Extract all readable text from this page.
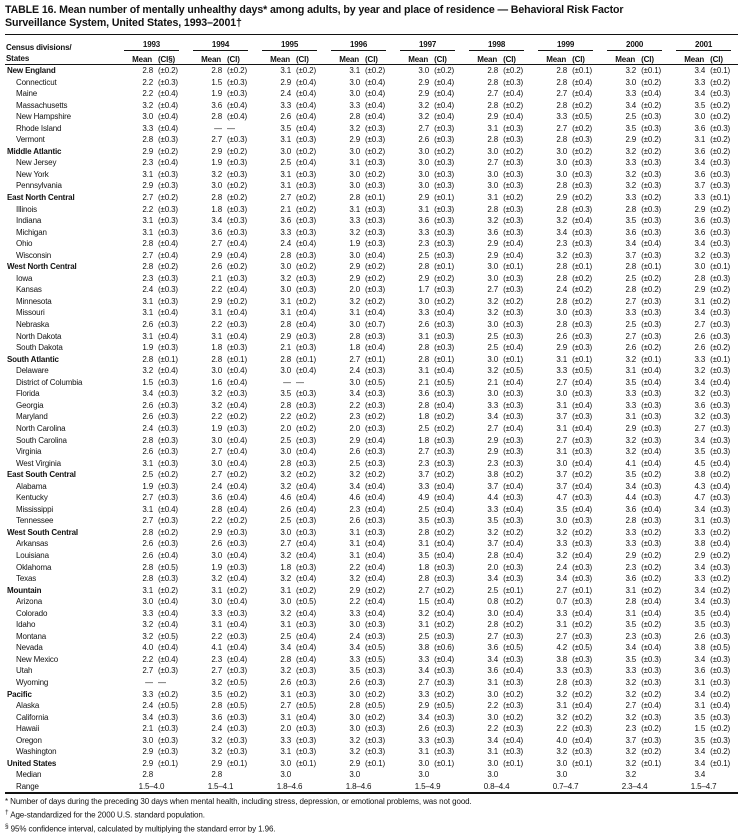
TABLE 16. Mean number of mentally unhealthy days* among adults, by year and place of residence — Behavioral Risk Factor
Surveillance System, United States, 1993–2001†
Census divisions/
States	1993		1994		1995		1996		1997		1998		1999		2000		2001	

	Mean	(CI§)	Mean	(CI)	Mean	(CI)	Mean	(CI)	Mean	(CI)	Mean	(CI)	Mean	(CI)	Mean	(CI)	Mean	(CI)
New England	2.8	(±0.2)	2.8	(±0.2)	3.1	(±0.2)	3.1	(±0.2)	3.0	(±0.2)	2.8	(±0.2)	2.8	(±0.1)	3.2	(±0.1)	3.4	(±0.1)
Connecticut	2.2	(±0.3)	1.5	(±0.3)	2.9	(±0.4)	3.0	(±0.4)	2.9	(±0.4)	2.8	(±0.3)	2.8	(±0.4)	3.0	(±0.2)	3.3	(±0.2)
Maine	2.2	(±0.4)	1.9	(±0.3)	2.4	(±0.4)	3.0	(±0.4)	2.9	(±0.4)	2.7	(±0.4)	2.7	(±0.4)	3.3	(±0.4)	3.4	(±0.3)
Massachusetts	3.2	(±0.4)	3.6	(±0.4)	3.3	(±0.4)	3.3	(±0.4)	3.2	(±0.4)	2.8	(±0.2)	2.8	(±0.2)	3.4	(±0.2)	3.5	(±0.2)
New Hampshire	3.0	(±0.4)	2.8	(±0.4)	2.6	(±0.4)	2.8	(±0.4)	3.2	(±0.4)	2.9	(±0.4)	3.3	(±0.5)	2.5	(±0.3)	3.0	(±0.2)
Rhode Island	3.3	(±0.4)	—	—	3.5	(±0.4)	3.2	(±0.3)	2.7	(±0.3)	3.1	(±0.3)	2.7	(±0.2)	3.5	(±0.3)	3.6	(±0.3)
Vermont	2.8	(±0.3)	2.7	(±0.3)	3.1	(±0.3)	2.9	(±0.3)	2.6	(±0.3)	2.8	(±0.3)	2.8	(±0.3)	2.9	(±0.2)	3.1	(±0.2)
Middle Atlantic	2.9	(±0.2)	2.9	(±0.2)	3.0	(±0.2)	3.0	(±0.2)	3.0	(±0.2)	3.0	(±0.2)	3.0	(±0.2)	3.2	(±0.2)	3.6	(±0.2)
New Jersey	2.3	(±0.4)	1.9	(±0.3)	2.5	(±0.4)	3.1	(±0.3)	3.0	(±0.3)	2.7	(±0.3)	3.0	(±0.3)	3.3	(±0.3)	3.4	(±0.3)
New York	3.1	(±0.3)	3.2	(±0.3)	3.1	(±0.3)	3.0	(±0.2)	3.0	(±0.3)	3.0	(±0.3)	3.0	(±0.3)	3.2	(±0.3)	3.6	(±0.3)
Pennsylvania	2.9	(±0.3)	3.0	(±0.2)	3.1	(±0.3)	3.0	(±0.3)	3.0	(±0.3)	3.0	(±0.3)	2.8	(±0.3)	3.2	(±0.3)	3.7	(±0.3)
East North Central	2.7	(±0.2)	2.8	(±0.2)	2.7	(±0.2)	2.8	(±0.1)	2.9	(±0.1)	3.1	(±0.2)	2.9	(±0.2)	3.3	(±0.2)	3.3	(±0.1)
Illinois	2.2	(±0.3)	1.8	(±0.3)	2.1	(±0.2)	3.1	(±0.3)	3.1	(±0.3)	2.8	(±0.3)	2.8	(±0.3)	2.8	(±0.3)	2.9	(±0.2)
Indiana	3.1	(±0.3)	3.4	(±0.3)	3.6	(±0.3)	3.3	(±0.3)	3.6	(±0.3)	3.2	(±0.3)	3.2	(±0.4)	3.5	(±0.3)	3.6	(±0.3)
Michigan	3.1	(±0.3)	3.6	(±0.3)	3.3	(±0.3)	3.2	(±0.3)	3.3	(±0.3)	3.6	(±0.3)	3.4	(±0.3)	3.6	(±0.3)	3.6	(±0.3)
Ohio	2.8	(±0.4)	2.7	(±0.4)	2.4	(±0.4)	1.9	(±0.3)	2.3	(±0.3)	2.9	(±0.4)	2.3	(±0.3)	3.4	(±0.4)	3.4	(±0.3)
Wisconsin	2.7	(±0.4)	2.9	(±0.4)	2.8	(±0.3)	3.0	(±0.4)	2.5	(±0.3)	2.9	(±0.4)	3.2	(±0.3)	3.7	(±0.3)	3.2	(±0.3)
West North Central	2.8	(±0.2)	2.6	(±0.2)	3.0	(±0.2)	2.9	(±0.2)	2.8	(±0.1)	3.0	(±0.1)	2.8	(±0.1)	2.8	(±0.1)	3.0	(±0.1)
Iowa	2.3	(±0.3)	2.1	(±0.3)	3.2	(±0.3)	2.9	(±0.2)	2.9	(±0.2)	3.0	(±0.3)	2.8	(±0.2)	2.5	(±0.2)	2.8	(±0.3)
Kansas	2.4	(±0.3)	2.2	(±0.4)	3.0	(±0.3)	2.0	(±0.3)	1.7	(±0.3)	2.7	(±0.3)	2.4	(±0.2)	2.8	(±0.2)	2.9	(±0.2)
Minnesota	3.1	(±0.3)	2.9	(±0.2)	3.1	(±0.2)	3.2	(±0.2)	3.0	(±0.2)	3.2	(±0.2)	2.8	(±0.2)	2.7	(±0.3)	3.1	(±0.2)
Missouri	3.1	(±0.4)	3.1	(±0.4)	3.1	(±0.4)	3.1	(±0.4)	3.3	(±0.4)	3.2	(±0.3)	3.0	(±0.3)	3.3	(±0.3)	3.4	(±0.3)
Nebraska	2.6	(±0.3)	2.2	(±0.3)	2.8	(±0.4)	3.0	(±0.7)	2.6	(±0.3)	3.0	(±0.3)	2.8	(±0.3)	2.5	(±0.3)	2.7	(±0.3)
North Dakota	3.1	(±0.4)	3.1	(±0.4)	2.9	(±0.3)	2.8	(±0.3)	3.1	(±0.3)	2.5	(±0.3)	2.6	(±0.3)	2.7	(±0.3)	2.6	(±0.3)
South Dakota	1.9	(±0.3)	1.8	(±0.3)	2.1	(±0.3)	1.8	(±0.4)	2.8	(±0.3)	2.5	(±0.4)	2.9	(±0.3)	2.6	(±0.2)	2.6	(±0.2)
South Atlantic	2.8	(±0.1)	2.8	(±0.1)	2.8	(±0.1)	2.7	(±0.1)	2.8	(±0.1)	3.0	(±0.1)	3.1	(±0.1)	3.2	(±0.1)	3.3	(±0.1)
Delaware	3.2	(±0.4)	3.0	(±0.4)	3.0	(±0.4)	2.4	(±0.3)	3.1	(±0.4)	3.2	(±0.5)	3.3	(±0.5)	3.1	(±0.4)	3.2	(±0.3)
District of Columbia	1.5	(±0.3)	1.6	(±0.4)	—	—	3.0	(±0.5)	2.1	(±0.5)	2.1	(±0.4)	2.7	(±0.4)	3.5	(±0.4)	3.4	(±0.4)
Florida	3.4	(±0.3)	3.2	(±0.3)	3.5	(±0.3)	3.4	(±0.3)	3.6	(±0.3)	3.0	(±0.3)	3.0	(±0.3)	3.3	(±0.3)	3.2	(±0.3)
Georgia	2.6	(±0.3)	3.2	(±0.4)	2.8	(±0.3)	2.2	(±0.3)	2.8	(±0.4)	3.3	(±0.3)	3.1	(±0.4)	3.3	(±0.3)	3.6	(±0.3)
Maryland	2.6	(±0.3)	2.2	(±0.2)	2.2	(±0.2)	2.3	(±0.2)	1.8	(±0.2)	3.4	(±0.3)	3.7	(±0.3)	3.1	(±0.3)	3.2	(±0.3)
North Carolina	2.4	(±0.3)	1.9	(±0.3)	2.0	(±0.2)	2.0	(±0.3)	2.5	(±0.2)	2.7	(±0.4)	3.1	(±0.4)	2.9	(±0.3)	2.7	(±0.3)
South Carolina	2.8	(±0.3)	3.0	(±0.4)	2.5	(±0.3)	2.9	(±0.4)	1.8	(±0.3)	2.9	(±0.3)	2.7	(±0.3)	3.2	(±0.3)	3.4	(±0.3)
Virginia	2.6	(±0.3)	2.7	(±0.4)	3.0	(±0.4)	2.6	(±0.3)	2.7	(±0.3)	2.9	(±0.3)	3.1	(±0.3)	3.2	(±0.4)	3.5	(±0.3)
West Virginia	3.1	(±0.3)	3.0	(±0.4)	2.8	(±0.3)	2.5	(±0.3)	2.3	(±0.3)	2.3	(±0.3)	3.0	(±0.4)	4.1	(±0.4)	4.5	(±0.4)
East South Central	2.5	(±0.2)	2.7	(±0.2)	3.2	(±0.2)	3.2	(±0.2)	3.7	(±0.2)	3.8	(±0.2)	3.7	(±0.2)	3.5	(±0.2)	3.8	(±0.2)
Alabama	1.9	(±0.3)	2.4	(±0.4)	3.2	(±0.4)	3.4	(±0.4)	3.3	(±0.4)	3.7	(±0.4)	3.7	(±0.4)	3.4	(±0.3)	4.3	(±0.4)
Kentucky	2.7	(±0.3)	3.6	(±0.4)	4.6	(±0.4)	4.6	(±0.4)	4.9	(±0.4)	4.4	(±0.3)	4.7	(±0.3)	4.4	(±0.3)	4.7	(±0.3)
Mississippi	3.1	(±0.4)	2.8	(±0.4)	2.6	(±0.4)	2.3	(±0.4)	2.5	(±0.4)	3.3	(±0.4)	3.5	(±0.4)	3.6	(±0.4)	3.4	(±0.3)
Tennessee	2.7	(±0.3)	2.2	(±0.2)	2.5	(±0.3)	2.6	(±0.3)	3.5	(±0.3)	3.5	(±0.3)	3.0	(±0.3)	2.8	(±0.3)	3.1	(±0.3)
West South Central	2.8	(±0.2)	2.9	(±0.3)	3.0	(±0.3)	3.1	(±0.3)	2.8	(±0.2)	3.2	(±0.2)	3.2	(±0.2)	3.3	(±0.2)	3.3	(±0.2)
Arkansas	2.6	(±0.3)	2.6	(±0.3)	2.7	(±0.4)	3.1	(±0.4)	3.1	(±0.4)	3.7	(±0.4)	3.3	(±0.3)	3.3	(±0.3)	3.8	(±0.4)
Louisiana	2.6	(±0.4)	3.0	(±0.4)	3.2	(±0.4)	3.1	(±0.4)	3.5	(±0.4)	2.8	(±0.4)	3.2	(±0.4)	2.9	(±0.2)	2.9	(±0.2)
Oklahoma	2.8	(±0.5)	1.9	(±0.3)	1.8	(±0.3)	2.2	(±0.4)	1.8	(±0.3)	2.0	(±0.3)	2.4	(±0.3)	2.3	(±0.2)	3.4	(±0.3)
Texas	2.8	(±0.3)	3.2	(±0.4)	3.2	(±0.4)	3.2	(±0.4)	2.8	(±0.3)	3.4	(±0.3)	3.4	(±0.3)	3.6	(±0.2)	3.3	(±0.2)
Mountain	3.1	(±0.2)	3.1	(±0.2)	3.1	(±0.2)	2.9	(±0.2)	2.7	(±0.2)	2.5	(±0.1)	2.7	(±0.1)	3.1	(±0.2)	3.4	(±0.2)
Arizona	3.0	(±0.4)	3.0	(±0.4)	3.0	(±0.5)	2.2	(±0.4)	1.5	(±0.4)	0.8	(±0.2)	0.7	(±0.3)	2.8	(±0.4)	3.4	(±0.3)
Colorado	3.3	(±0.4)	3.3	(±0.3)	3.2	(±0.4)	3.3	(±0.4)	3.2	(±0.4)	3.0	(±0.4)	3.3	(±0.4)	3.1	(±0.4)	3.5	(±0.4)
Idaho	3.2	(±0.4)	3.1	(±0.4)	3.1	(±0.3)	3.0	(±0.3)	3.1	(±0.2)	2.8	(±0.2)	3.1	(±0.2)	3.5	(±0.2)	3.5	(±0.3)
Montana	3.2	(±0.5)	2.2	(±0.3)	2.5	(±0.4)	2.4	(±0.3)	2.5	(±0.3)	2.7	(±0.3)	2.7	(±0.3)	2.3	(±0.3)	2.6	(±0.3)
Nevada	4.0	(±0.4)	4.1	(±0.4)	3.4	(±0.4)	3.4	(±0.5)	3.8	(±0.6)	3.6	(±0.5)	4.2	(±0.5)	3.4	(±0.4)	3.8	(±0.5)
New Mexico	2.2	(±0.4)	2.3	(±0.4)	2.8	(±0.4)	3.3	(±0.5)	3.3	(±0.4)	3.4	(±0.3)	3.8	(±0.3)	3.5	(±0.3)	3.4	(±0.3)
Utah	2.7	(±0.3)	2.7	(±0.3)	3.2	(±0.3)	3.5	(±0.3)	3.4	(±0.3)	3.6	(±0.4)	3.3	(±0.3)	3.3	(±0.3)	3.6	(±0.3)
Wyoming	—	—	3.2	(±0.5)	2.6	(±0.3)	2.6	(±0.3)	2.7	(±0.3)	3.1	(±0.3)	2.8	(±0.3)	3.2	(±0.3)	3.1	(±0.3)
Pacific	3.3	(±0.2)	3.5	(±0.2)	3.1	(±0.3)	3.0	(±0.2)	3.3	(±0.2)	3.0	(±0.2)	3.2	(±0.2)	3.2	(±0.2)	3.4	(±0.2)
Alaska	2.4	(±0.5)	2.8	(±0.5)	2.7	(±0.5)	2.8	(±0.5)	2.9	(±0.5)	2.2	(±0.3)	3.1	(±0.4)	2.7	(±0.4)	3.1	(±0.4)
California	3.4	(±0.3)	3.6	(±0.3)	3.1	(±0.4)	3.0	(±0.2)	3.4	(±0.3)	3.0	(±0.2)	3.2	(±0.2)	3.2	(±0.3)	3.5	(±0.3)
Hawaii	2.1	(±0.3)	2.4	(±0.3)	2.0	(±0.3)	3.0	(±0.3)	2.6	(±0.3)	2.2	(±0.3)	2.2	(±0.3)	2.3	(±0.2)	1.5	(±0.2)
Oregon	3.0	(±0.3)	3.2	(±0.3)	3.3	(±0.3)	3.2	(±0.3)	3.3	(±0.3)	3.4	(±0.4)	4.0	(±0.4)	3.7	(±0.3)	3.5	(±0.3)
Washington	2.9	(±0.3)	3.2	(±0.3)	3.1	(±0.3)	3.2	(±0.3)	3.1	(±0.3)	3.1	(±0.3)	3.2	(±0.3)	3.2	(±0.2)	3.4	(±0.2)
United States	2.9	(±0.1)	2.9	(±0.1)	3.0	(±0.1)	2.9	(±0.1)	3.0	(±0.1)	3.0	(±0.1)	3.0	(±0.1)	3.2	(±0.1)	3.4	(±0.1)
Median	2.8		2.8		3.0		3.0		3.0		3.0		3.0		3.2		3.4	
Range	1.5–4.0		1.5–4.1		1.8–4.6		1.8–4.6		1.5–4.9		0.8–4.4		0.7–4.7		2.3–4.4		1.5–4.7	
* Number of days during the preceding 30 days when mental health, including stress, depression, or emotional problems, was not good.
† Age-standardized for the 2000 U.S. standard population.
§ 95% confidence interval, calculated by multiplying the standard error by 1.96.
